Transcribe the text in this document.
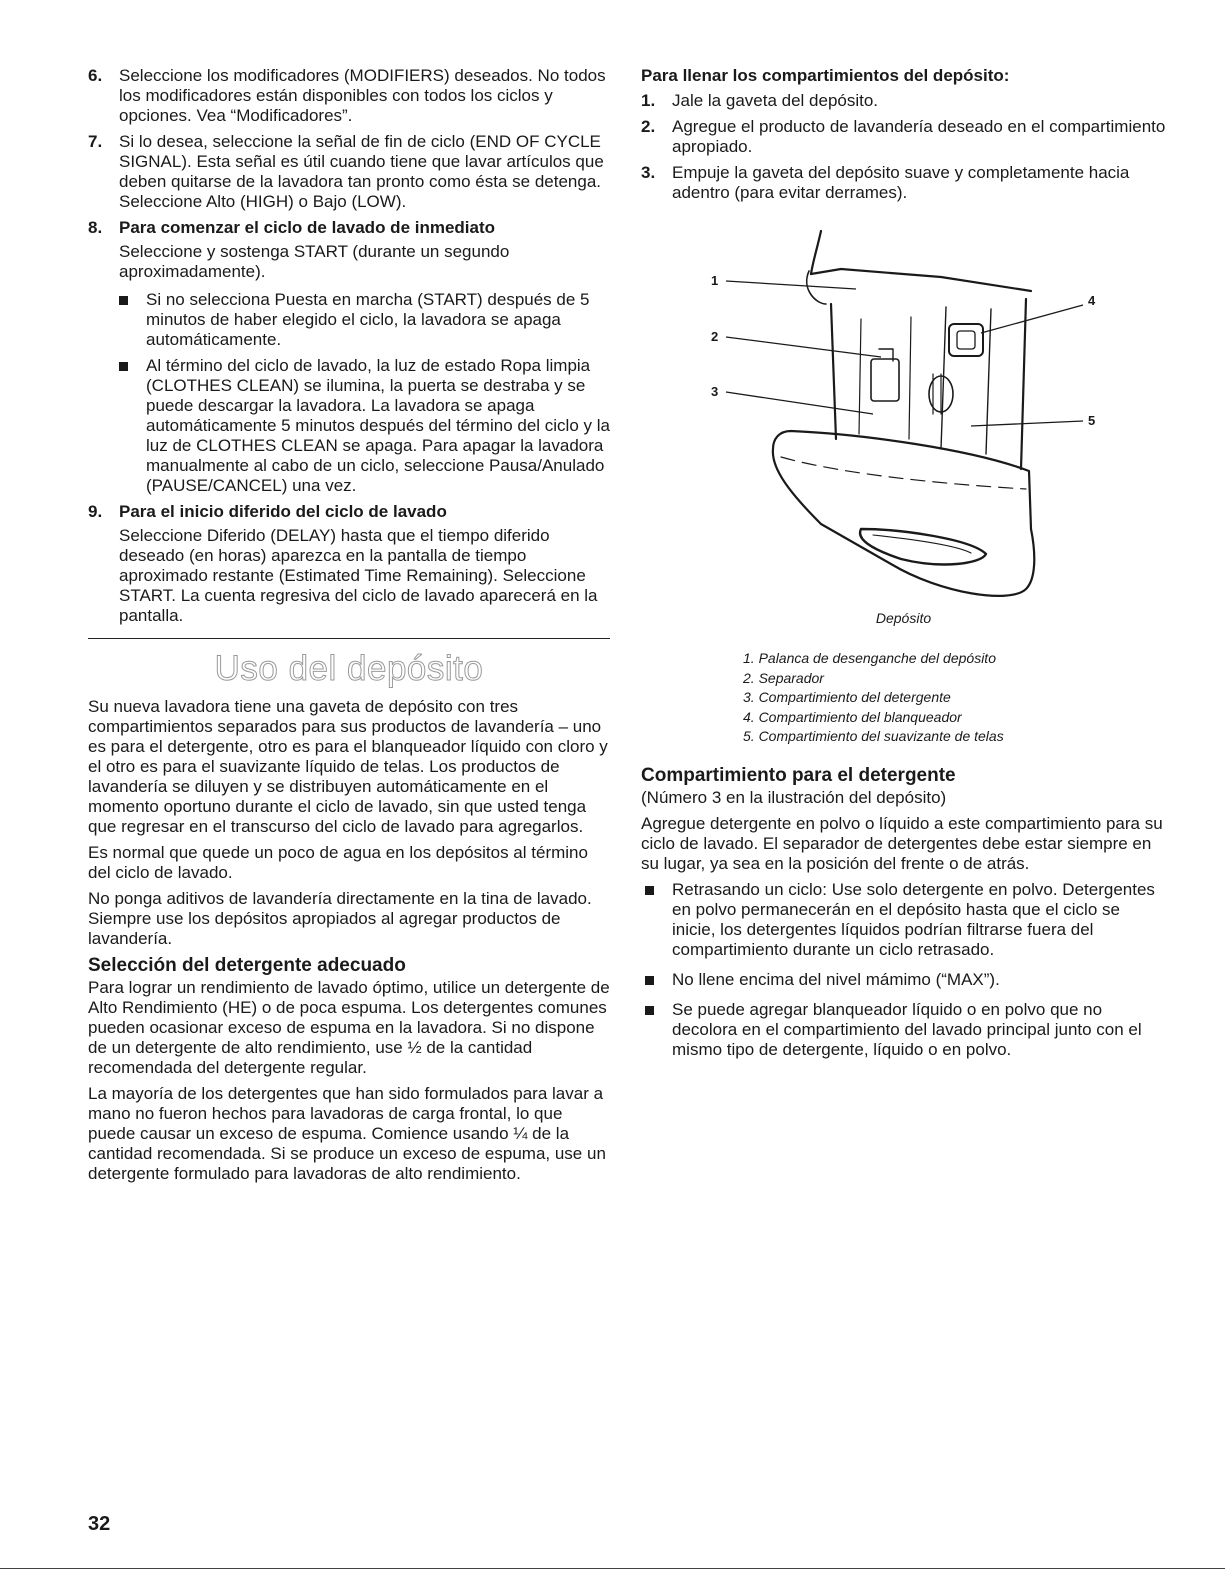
6. Seleccione los modificadores (MODIFIERS) deseados. No todos los modificadores están disponibles con todos los ciclos y opciones. Vea “Modificadores”.

7. Si lo desea, seleccione la señal de fin de ciclo (END OF CYCLE SIGNAL). Esta señal es útil cuando tiene que lavar artículos que deben quitarse de la lavadora tan pronto como ésta se detenga. Seleccione Alto (HIGH) o Bajo (LOW).

8. Para comenzar el ciclo de lavado de inmediato

Seleccione y sostenga START (durante un segundo aproximadamente).

Si no selecciona Puesta en marcha (START) después de 5 minutos de haber elegido el ciclo, la lavadora se apaga automáticamente.
Al término del ciclo de lavado, la luz de estado Ropa limpia (CLOTHES CLEAN) se ilumina, la puerta se destraba y se puede descargar la lavadora. La lavadora se apaga automáticamente 5 minutos después del término del ciclo y la luz de CLOTHES CLEAN se apaga. Para apagar la lavadora manualmente al cabo de un ciclo, seleccione Pausa/Anulado (PAUSE/CANCEL) una vez.
9. Para el inicio diferido del ciclo de lavado

Seleccione Diferido (DELAY) hasta que el tiempo diferido deseado (en horas) aparezca en la pantalla de tiempo aproximado restante (Estimated Time Remaining). Seleccione START. La cuenta regresiva del ciclo de lavado aparecerá en la pantalla.

Uso del depósito

Su nueva lavadora tiene una gaveta de depósito con tres compartimientos separados para sus productos de lavandería – uno es para el detergente, otro es para el blanqueador líquido con cloro y el otro es para el suavizante líquido de telas. Los productos de lavandería se diluyen y se distribuyen automáticamente en el momento oportuno durante el ciclo de lavado, sin que usted tenga que regresar en el transcurso del ciclo de lavado para agregarlos.

Es normal que quede un poco de agua en los depósitos al término del ciclo de lavado.

No ponga aditivos de lavandería directamente en la tina de lavado. Siempre use los depósitos apropiados al agregar productos de lavandería.

Selección del detergente adecuado

Para lograr un rendimiento de lavado óptimo, utilice un detergente de Alto Rendimiento (HE) o de poca espuma. Los detergentes comunes pueden ocasionar exceso de espuma en la lavadora. Si no dispone de un detergente de alto rendimiento, use ½ de la cantidad recomendada del detergente regular.

La mayoría de los detergentes que han sido formulados para lavar a mano no fueron hechos para lavadoras de carga frontal, lo que puede causar un exceso de espuma. Comience usando ¼ de la cantidad recomendada. Si se produce un exceso de espuma, use un detergente formulado para lavadoras de alto rendimiento.

Para llenar los compartimientos del depósito:
1. Jale la gaveta del depósito.

2. Agregue el producto de lavandería deseado en el compartimiento apropiado.

3. Empuje la gaveta del depósito suave y completamente hacia adentro (para evitar derrames).

1
2
3
4
5
Depósito
1. Palanca de desenganche del depósito
2. Separador
3. Compartimiento del detergente
4. Compartimiento del blanqueador
5. Compartimiento del suavizante de telas
Compartimiento para el detergente

(Número 3 en la ilustración del depósito)

Agregue detergente en polvo o líquido a este compartimiento para su ciclo de lavado. El separador de detergentes debe estar siempre en su lugar, ya sea en la posición del frente o de atrás.

Retrasando un ciclo: Use solo detergente en polvo. Detergentes en polvo permanecerán en el depósito hasta que el ciclo se inicie, los detergentes líquidos podrían filtrarse fuera del compartimiento durante un ciclo retrasado.
No llene encima del nivel mámimo (“MAX”).
Se puede agregar blanqueador líquido o en polvo que no decolora en el compartimiento del lavado principal junto con el mismo tipo de detergente, líquido o en polvo.
32
